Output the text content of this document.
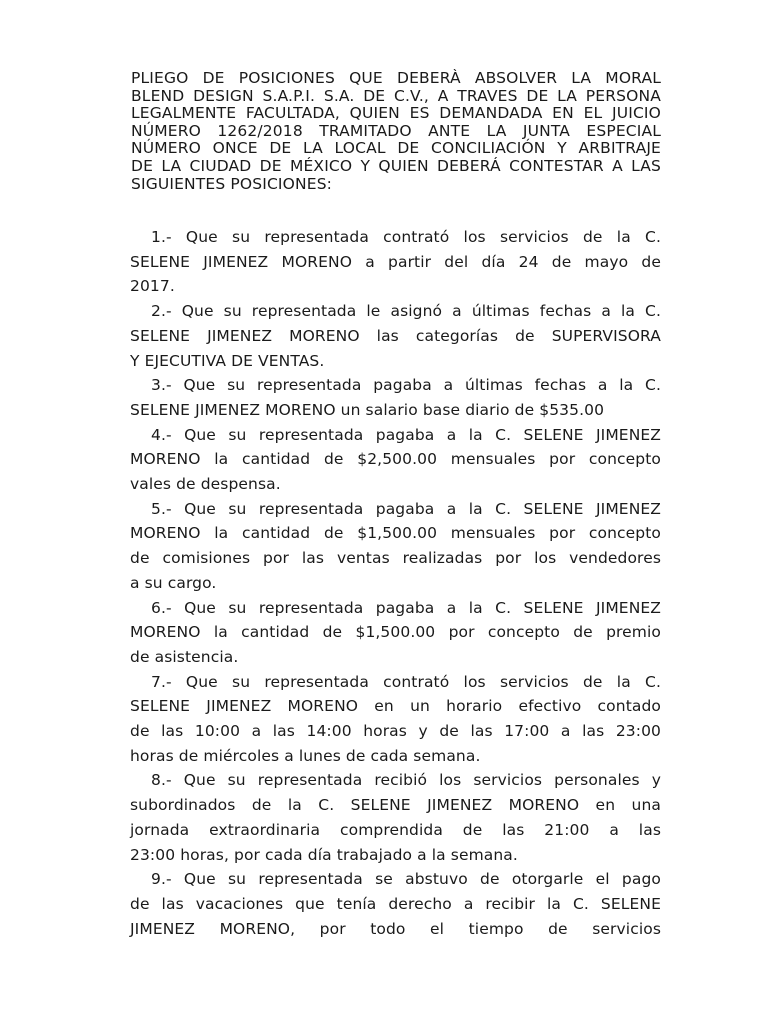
PLIEGO DE POSICIONES QUE DEBERÀ ABSOLVER LA MORAL
BLEND DESIGN S.A.P.I. S.A. DE C.V., A TRAVES DE LA PERSONA
LEGALMENTE FACULTADA, QUIEN ES DEMANDADA EN EL JUICIO
NÚMERO 1262/2018 TRAMITADO ANTE LA JUNTA ESPECIAL
NÚMERO ONCE DE LA LOCAL DE CONCILIACIÓN Y ARBITRAJE
DE LA CIUDAD DE MÉXICO Y QUIEN DEBERÁ CONTESTAR A LAS
SIGUIENTES POSICIONES:
1.- Que su representada contrató los servicios de la C.
SELENE JIMENEZ MORENO a partir del día 24 de mayo de
2017.
2.- Que su representada le asignó a últimas fechas a la C.
SELENE JIMENEZ MORENO las categorías de SUPERVISORA
Y EJECUTIVA DE VENTAS.
3.- Que su representada pagaba a últimas fechas a la C.
SELENE JIMENEZ MORENO un salario base diario de $535.00
4.- Que su representada pagaba a la C. SELENE JIMENEZ
MORENO la cantidad de $2,500.00 mensuales por concepto
vales de despensa.
5.- Que su representada pagaba a la C. SELENE JIMENEZ
MORENO la cantidad de $1,500.00 mensuales por concepto
de comisiones por las ventas realizadas por los vendedores
a su cargo.
6.- Que su representada pagaba a la C. SELENE JIMENEZ
MORENO la cantidad de $1,500.00 por concepto de premio
de asistencia.
7.- Que su representada contrató los servicios de la C.
SELENE JIMENEZ MORENO en un horario efectivo contado
de las 10:00 a las 14:00 horas y de las 17:00 a las 23:00
horas de miércoles a lunes de cada semana.
8.- Que su representada recibió los servicios personales y
subordinados de la C. SELENE JIMENEZ MORENO en una
jornada extraordinaria comprendida de las 21:00 a las
23:00 horas, por cada día trabajado a la semana.
9.- Que su representada se abstuvo de otorgarle el pago
de las vacaciones que tenía derecho a recibir la C. SELENE
JIMENEZ MORENO, por todo el tiempo de servicios
